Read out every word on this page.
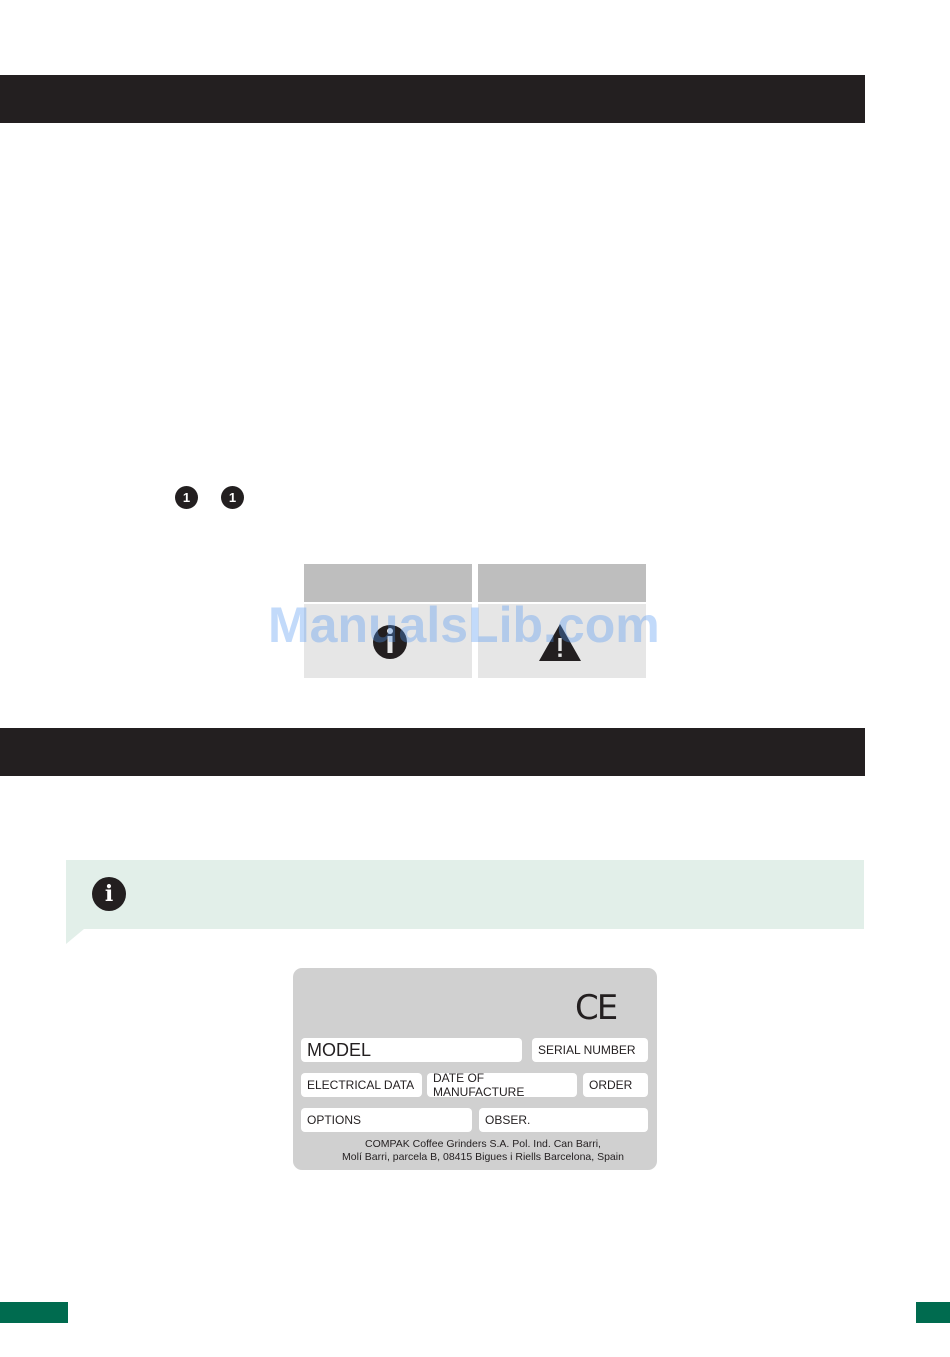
1	1
ManualsLib.com
i
CE
MODEL	SERIAL NUMBER
ELECTRICAL DATA	DATE OF MANUFACTURE	ORDER
OPTIONS	OBSER.
COMPAK Coffee Grinders S.A. Pol. Ind. Can Barri,
Molí Barri, parcela B, 08415 Bigues i Riells Barcelona, Spain
